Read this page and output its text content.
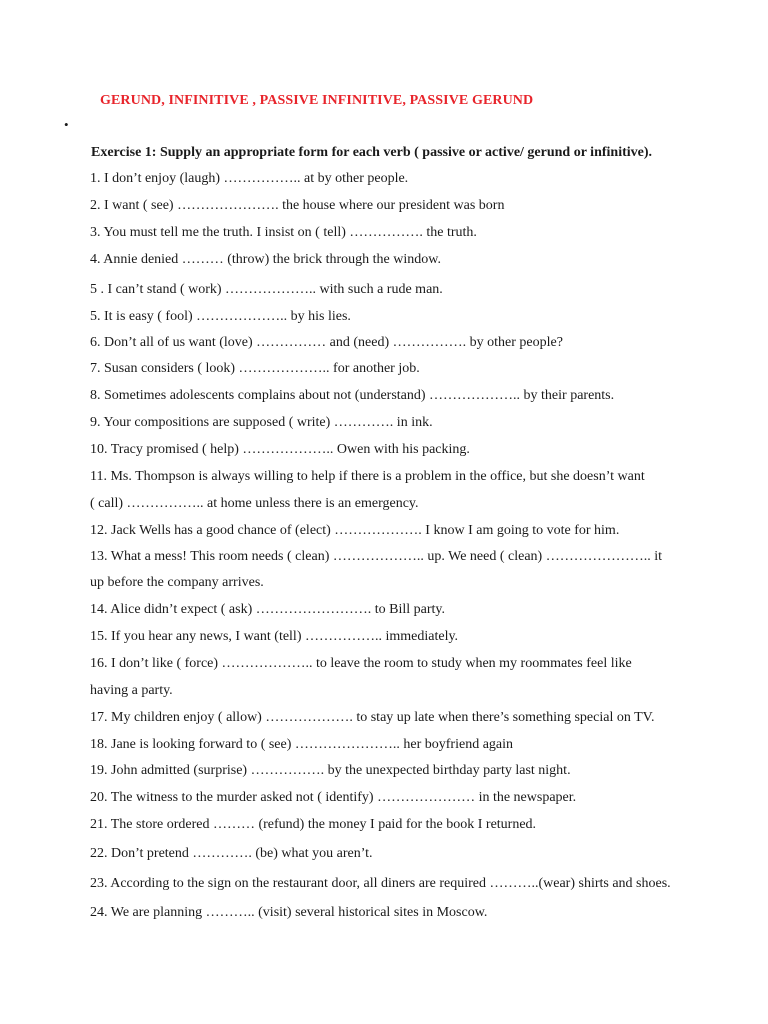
GERUND, INFINITIVE , PASSIVE INFINITIVE, PASSIVE GERUND
•
Exercise 1: Supply an appropriate form for each verb ( passive or active/ gerund or infinitive).
1. I don’t enjoy (laugh) …………….. at by other people.
2. I want ( see) …………………. the house where our president was born
3. You must tell me the truth. I insist on ( tell) ……………. the truth.
4. Annie denied ……… (throw) the brick through the window.
5 . I can’t stand ( work) ……………….. with such a rude man.
5. It is easy ( fool) ……………….. by his lies.
6. Don’t all of us want (love) …………… and (need) ……………. by other people?
7. Susan considers ( look) ……………….. for another job.
8. Sometimes adolescents complains about not (understand) ……………….. by their parents.
9. Your compositions are supposed ( write) …………. in ink.
10. Tracy promised ( help) ……………….. Owen with his packing.
11. Ms. Thompson is always willing to help if there is a problem in the office, but she doesn’t want
( call) …………….. at home unless there is an emergency.
12. Jack Wells has a good chance of (elect) ………………. I know I am going to vote for him.
13. What a mess! This room needs ( clean) ……………….. up. We need ( clean) ………………….. it
up before the company arrives.
14. Alice didn’t expect ( ask) ……………………. to Bill party.
15. If you hear any news, I want (tell) …………….. immediately.
16. I don’t like ( force) ……………….. to leave the room to study when my roommates feel like
having a party.
17. My children enjoy ( allow) ………………. to stay up late when there’s something special on TV.
18. Jane is looking forward to ( see) ………………….. her boyfriend again
19. John admitted (surprise) ……………. by the unexpected birthday party last night.
20. The witness to the murder asked not ( identify) ………………… in the newspaper.
21. The store ordered ……… (refund) the money I paid for the book I returned.
22. Don’t pretend …………. (be) what you aren’t.
23. According to the sign on the restaurant door, all diners are required ………..(wear) shirts and shoes.
24. We are planning ……….. (visit) several historical sites in Moscow.
